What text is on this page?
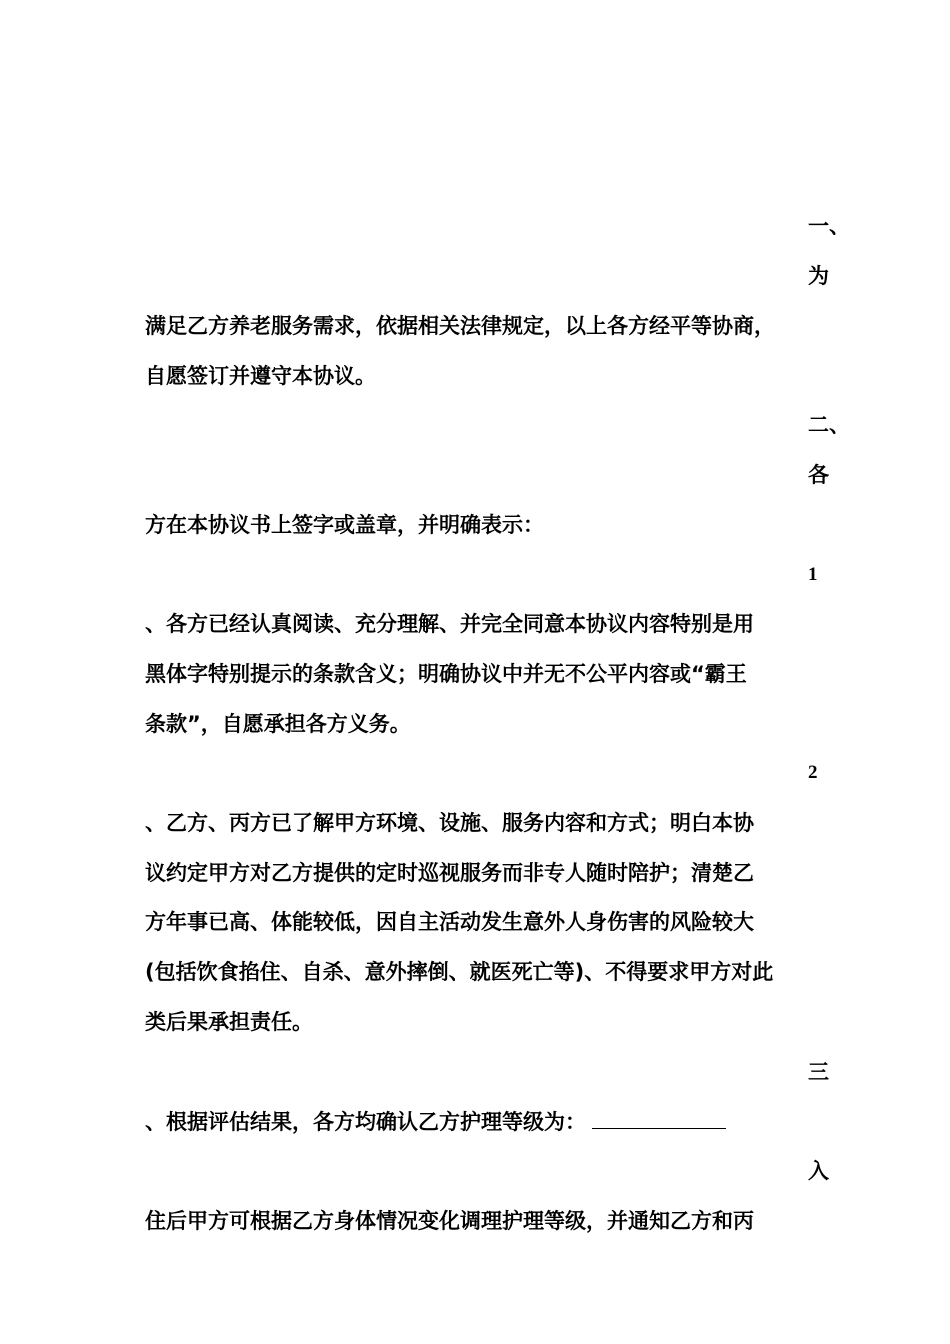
一、
为
满足乙方养老服务需求，依据相关法律规定，以上各方经平等协商，
自愿签订并遵守本协议。
二、
各
方在本协议书上签字或盖章，并明确表示：
1
、各方已经认真阅读、充分理解、并完全同意本协议内容特别是用
黑体字特别提示的条款含义；明确协议中并无不公平内容或“霸王
条款”，自愿承担各方义务。
2
、乙方、丙方已了解甲方环境、设施、服务内容和方式；明白本协
议约定甲方对乙方提供的定时巡视服务而非专人随时陪护；清楚乙
方年事已高、体能较低，因自主活动发生意外人身伤害的风险较大
(包括饮食掐住、自杀、意外摔倒、就医死亡等)、不得要求甲方对此
类后果承担责任。
三
、根据评估结果，各方均确认乙方护理等级为：
入
住后甲方可根据乙方身体情况变化调理护理等级，并通知乙方和丙
